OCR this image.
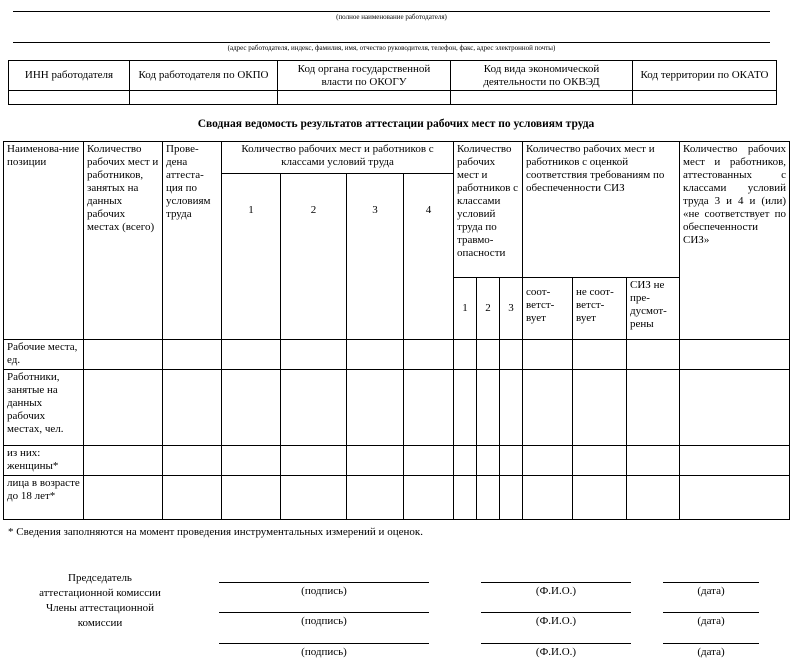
(полное наименование работодателя)
(адрес работодателя, индекс, фамилия, имя, отчество руководителя, телефон, факс, адрес электронной почты)
ИНН работодателя	Код работодателя по ОКПО	Код органа государственной власти по ОКОГУ	Код вида экономической деятельности по ОКВЭД	Код территории по ОКАТО

Сводная ведомость результатов аттестации рабочих мест по условиям труда
Наименова-ние позиции	Количество рабочих мест и работников, занятых на данных рабочих местах (всего)	Прове-дена аттеста-ция по условиям труда	Количество рабочих мест и работников с классами условий труда				Количество рабочих мест и работников с классами условий труда по травмо-опасности			Количество рабочих мест и работников с оценкой соответствия требованиям по обеспеченности СИЗ			Количество рабочих мест и работников, аттестованных с классами условий труда 3 и 4 и (или) «не соответствует по обеспеченности СИЗ»
			1	2	3	4							
							1	2	3	соот-ветст-вует	не соот-ветст-вует	СИЗ не пре-дусмот-рены	
Рабочие места, ед.													
Работники, занятые на данных рабочих местах, чел.													
из них: женщины*													
лица в возрасте до 18 лет*													
* Сведения заполняются на момент проведения инструментальных измерений и оценок.
Председатель аттестационной комиссии	(подпись)	(Ф.И.О.)	(дата)
Члены аттестационной комиссии	(подпись)	(Ф.И.О.)	(дата)
(подпись)	(Ф.И.О.)	(дата)
